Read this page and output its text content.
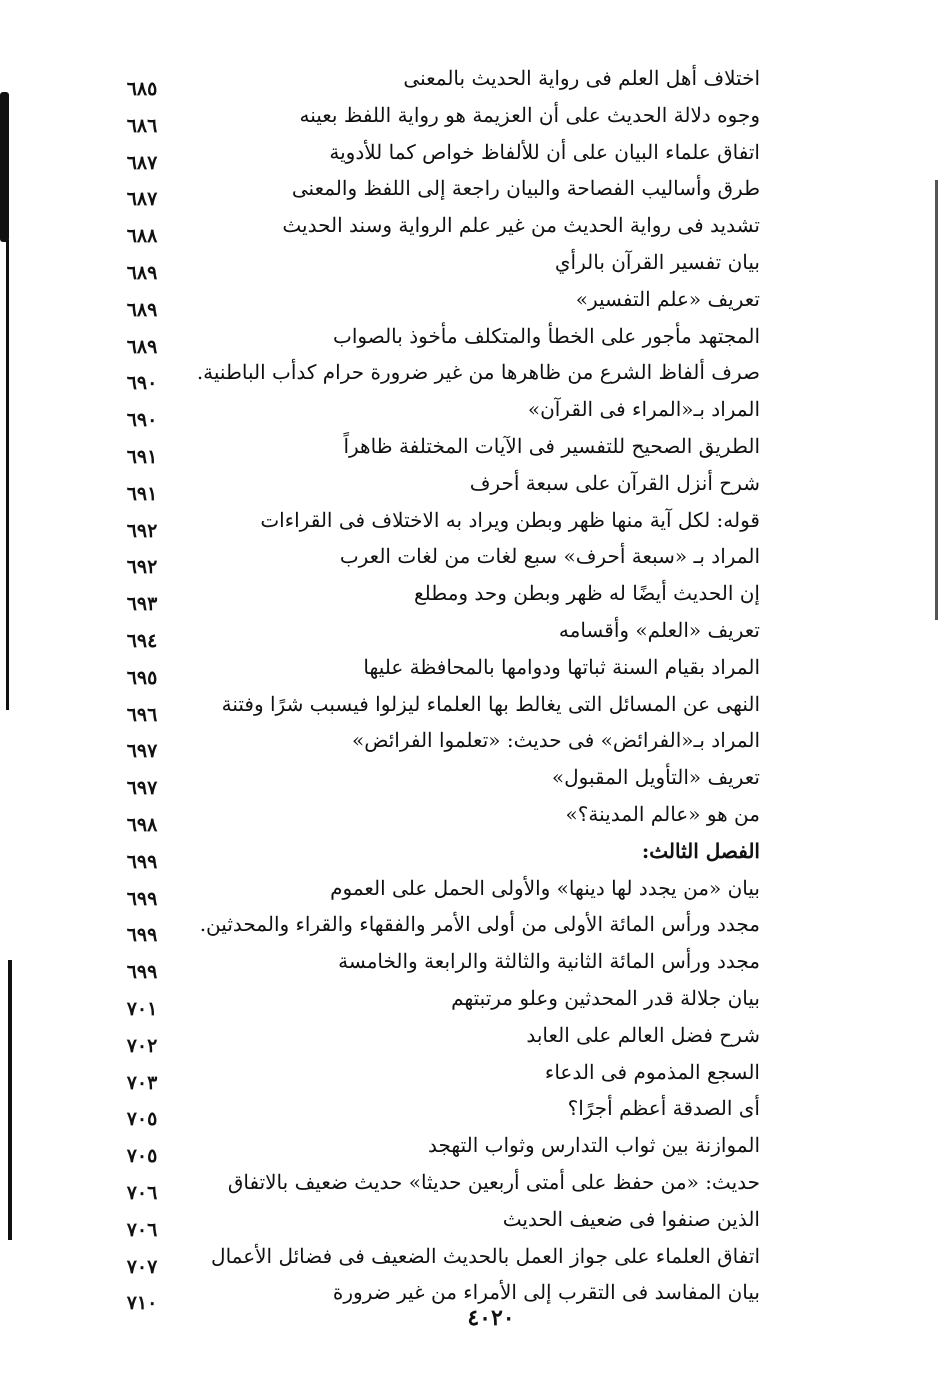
اختلاف أهل العلم فى رواية الحديث بالمعنى
٦٨٥
وجوه دلالة الحديث على أن العزيمة هو رواية اللفظ بعينه
٦٨٦
اتفاق علماء البيان على أن للألفاظ خواص كما للأدوية
٦٨٧
طرق وأساليب الفصاحة والبيان راجعة إلى اللفظ والمعنى
٦٨٧
تشديد فى رواية الحديث من غير علم الرواية وسند الحديث
٦٨٨
بيان تفسير القرآن بالرأي
٦٨٩
تعريف «علم التفسير»
٦٨٩
المجتهد مأجور على الخطأ والمتكلف مأخوذ بالصواب
٦٨٩
صرف ألفاظ الشرع من ظاهرها من غير ضرورة حرام كدأب الباطنية.
٦٩٠
المراد بـ«المراء فى القرآن»
٦٩٠
الطريق الصحيح للتفسير فى الآيات المختلفة ظاهراً
٦٩١
شرح أنزل القرآن على سبعة أحرف
٦٩١
قوله: لكل آية منها ظهر وبطن ويراد به الاختلاف فى القراءات
٦٩٢
المراد بـ «سبعة أحرف» سبع لغات من لغات العرب
٦٩٢
إن الحديث أيضًا له ظهر وبطن وحد ومطلع
٦٩٣
تعريف «العلم» وأقسامه
٦٩٤
المراد بقيام السنة ثباتها ودوامها بالمحافظة عليها
٦٩٥
النهى عن المسائل التى يغالط بها العلماء ليزلوا فيسبب شرًا وفتنة
٦٩٦
المراد بـ«الفرائض» فى حديث: «تعلموا الفرائض»
٦٩٧
تعريف «التأويل المقبول»
٦٩٧
من هو «عالم المدينة؟»
٦٩٨
الفصل الثالث:
٦٩٩
بيان «من يجدد لها دينها» والأولى الحمل على العموم
٦٩٩
مجدد ورأس المائة الأولى من أولى الأمر والفقهاء والقراء والمحدثين.
٦٩٩
مجدد ورأس المائة الثانية والثالثة والرابعة والخامسة
٦٩٩
بيان جلالة قدر المحدثين وعلو مرتبتهم
٧٠١
شرح فضل العالم على العابد
٧٠٢
السجع المذموم فى الدعاء
٧٠٣
أى الصدقة أعظم أجرًا؟
٧٠٥
الموازنة بين ثواب التدارس وثواب التهجد
٧٠٥
حديث: «من حفظ على أمتى أربعين حديثا» حديث ضعيف بالاتفاق
٧٠٦
الذين صنفوا فى ضعيف الحديث
٧٠٦
اتفاق العلماء على جواز العمل بالحديث الضعيف فى فضائل الأعمال
٧٠٧
بيان المفاسد فى التقرب إلى الأمراء من غير ضرورة
٧١٠
٤٠٢٠
